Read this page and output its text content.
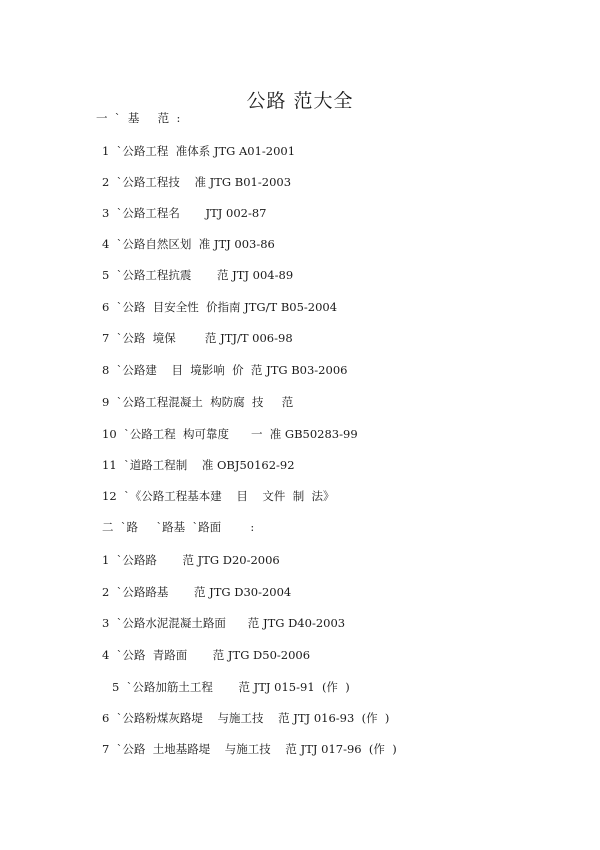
公路 范大全
一  `  基     范  :
1  `公路工程  准体系 JTG A01-2001
2  `公路工程技    准 JTG B01-2003
3  `公路工程名       JTJ 002-87
4  `公路自然区划  准 JTJ 003-86
5  `公路工程抗震       范 JTJ 004-89
6  `公路  目安全性  价指南 JTG/T B05-2004
7  `公路  境保        范 JTJ/T 006-98
8  `公路建    目  境影响  价  范 JTG B03-2006
9  `公路工程混凝土  构防腐  技     范
10  `公路工程  构可靠度      一  准 GB50283-99
11  `道路工程制    准 OBJ50162-92
12  `《公路工程基本建    目    文件  制  法》
二  `路     `路基  `路面        :
1  `公路路       范 JTG D20-2006
2  `公路路基       范 JTG D30-2004
3  `公路水泥混凝土路面      范 JTG D40-2003
4  `公路  青路面       范 JTG D50-2006
5  `公路加筋土工程       范 JTJ 015-91  (作  )
6  `公路粉煤灰路堤    与施工技    范 JTJ 016-93  (作  )
7  `公路  土地基路堤    与施工技    范 JTJ 017-96  (作  )
